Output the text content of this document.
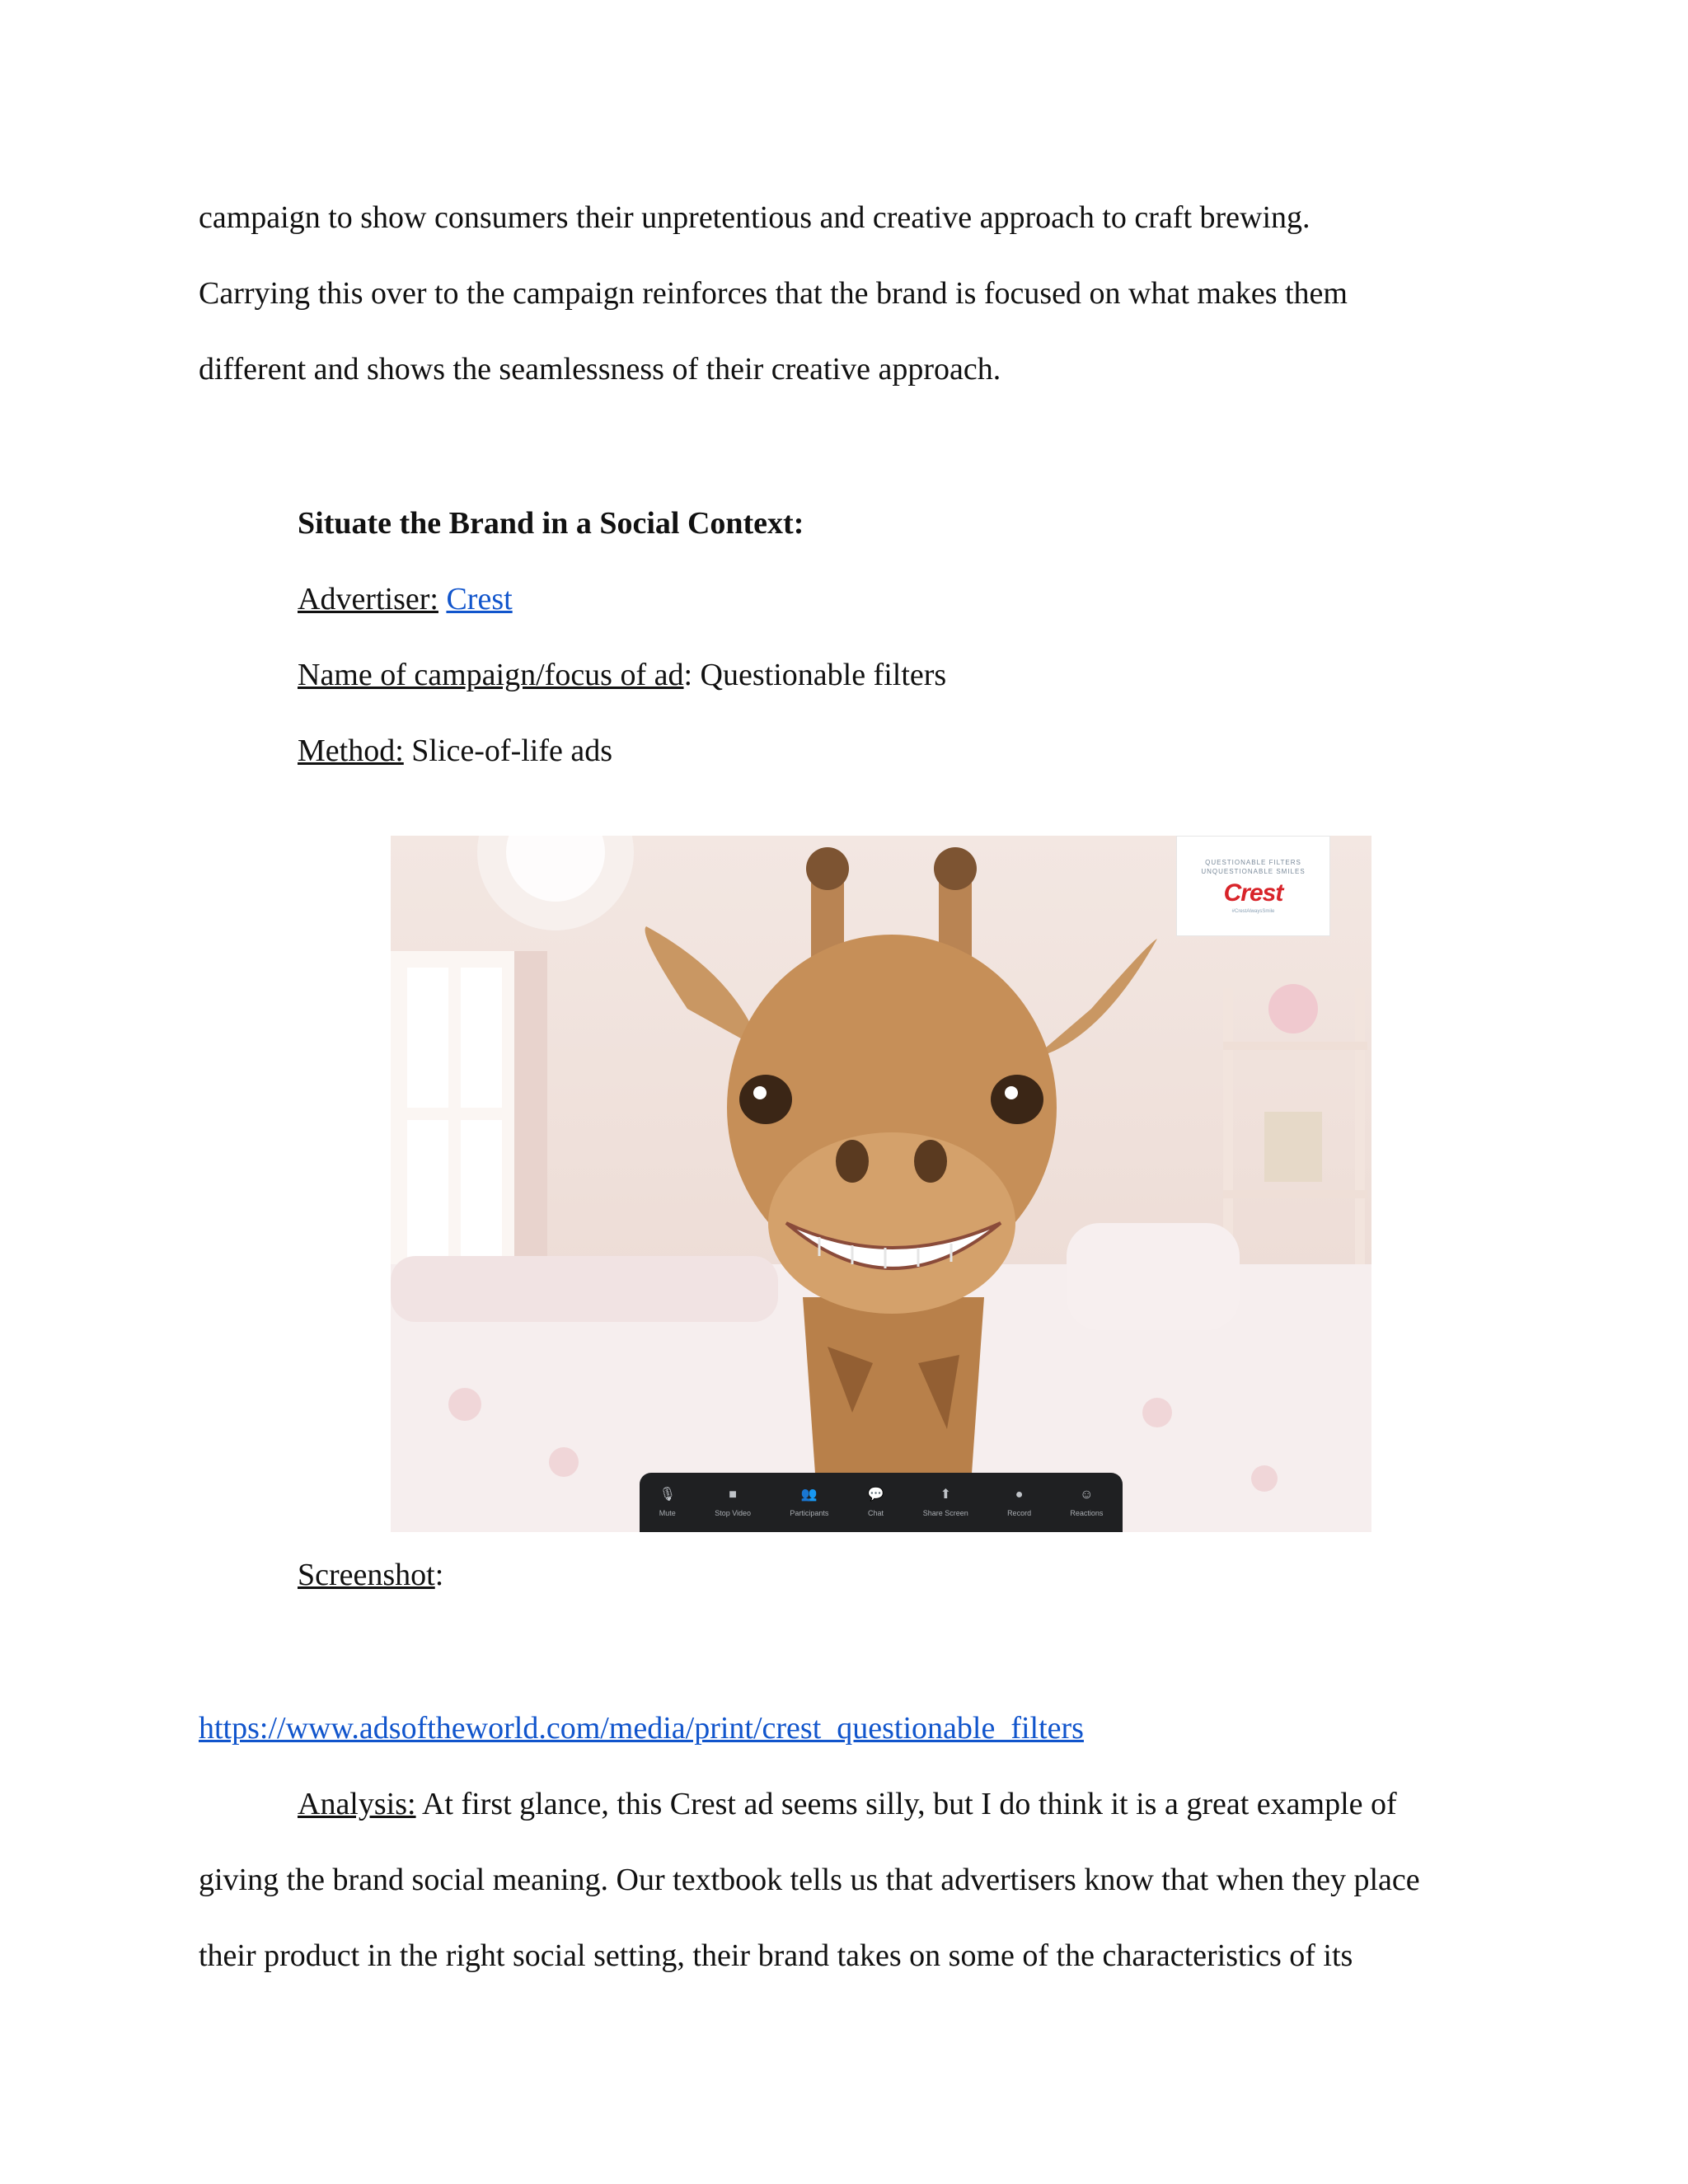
campaign to show consumers their unpretentious and creative approach to craft brewing.
Carrying this over to the campaign reinforces that the brand is focused on what makes them
different and shows the seamlessness of their creative approach.
Situate the Brand in a Social Context:
Advertiser: Crest
Name of campaign/focus of ad: Questionable filters
Method: Slice-of-life ads
QUESTIONABLE FILTERS
UNQUESTIONABLE SMILES
Crest
#CrestAlwaysSmile
🎙
Mute
■
Stop Video
👥
Participants
💬
Chat
⬆
Share Screen
●
Record
☺
Reactions
Screenshot:
https://www.adsoftheworld.com/media/print/crest_questionable_filters
Analysis: At first glance, this Crest ad seems silly, but I do think it is a great example of
giving the brand social meaning. Our textbook tells us that advertisers know that when they place
their product in the right social setting, their brand takes on some of the characteristics of its
